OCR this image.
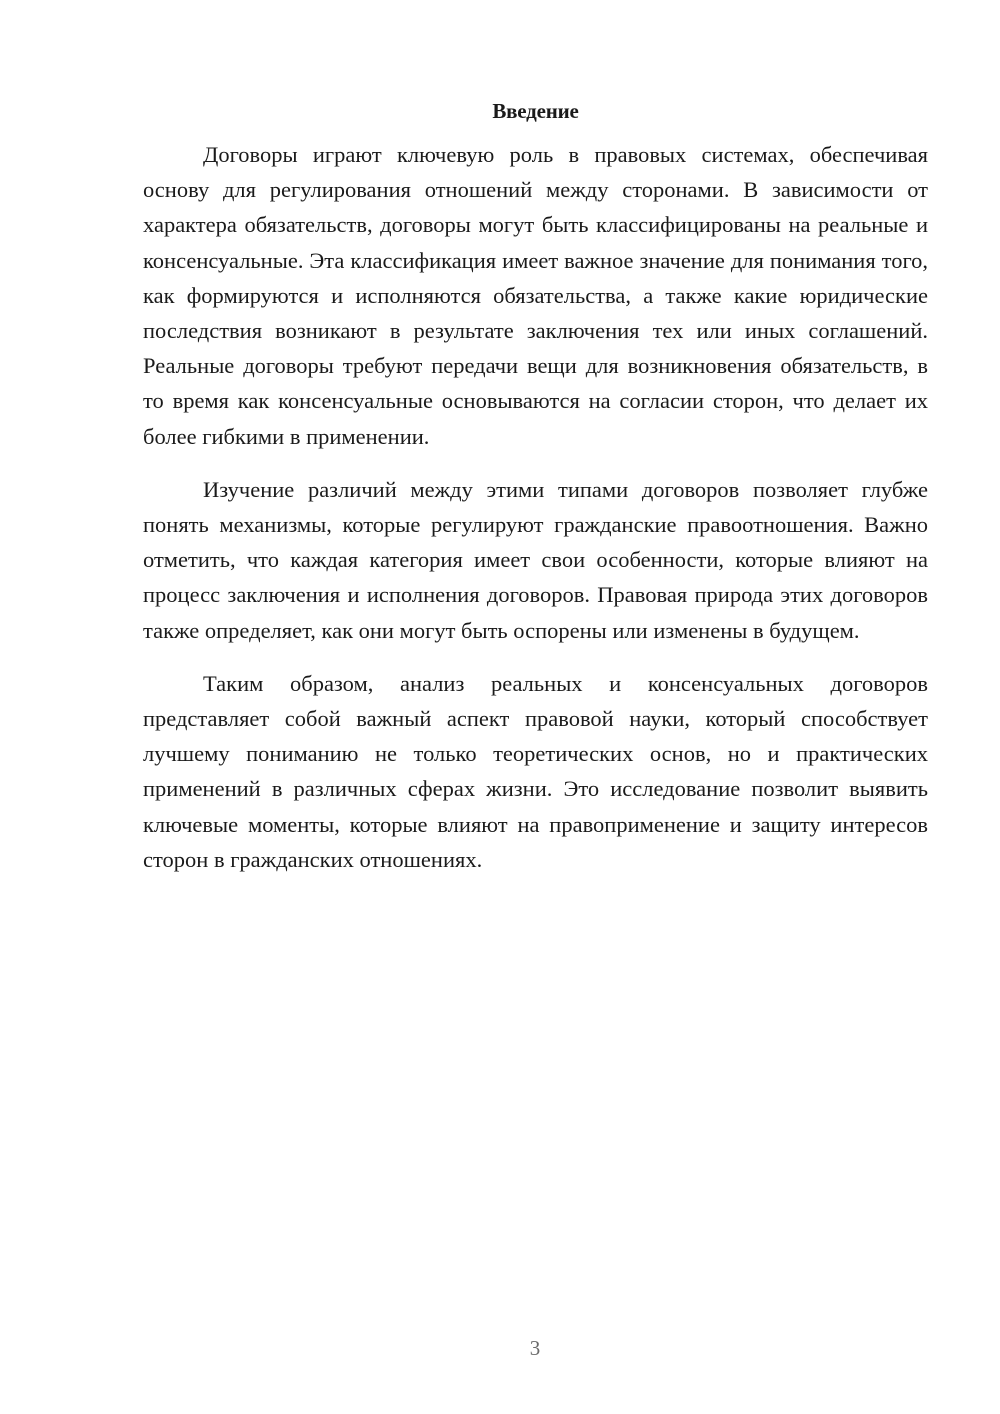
Введение

Договоры играют ключевую роль в правовых системах, обеспечивая основу для регулирования отношений между сторонами. В зависимости от характера обязательств, договоры могут быть классифицированы на реальные и консенсуальные. Эта классификация имеет важное значение для понимания того, как формируются и исполняются обязательства, а также какие юридические последствия возникают в результате заключения тех или иных соглашений. Реальные договоры требуют передачи вещи для возникновения обязательств, в то время как консенсуальные основываются на согласии сторон, что делает их более гибкими в применении.

Изучение различий между этими типами договоров позволяет глубже понять механизмы, которые регулируют гражданские правоотношения. Важно отметить, что каждая категория имеет свои особенности, которые влияют на процесс заключения и исполнения договоров. Правовая природа этих договоров также определяет, как они могут быть оспорены или изменены в будущем.

Таким образом, анализ реальных и консенсуальных договоров представляет собой важный аспект правовой науки, который способствует лучшему пониманию не только теоретических основ, но и практических применений в различных сферах жизни. Это исследование позволит выявить ключевые моменты, которые влияют на правоприменение и защиту интересов сторон в гражданских отношениях.

3
